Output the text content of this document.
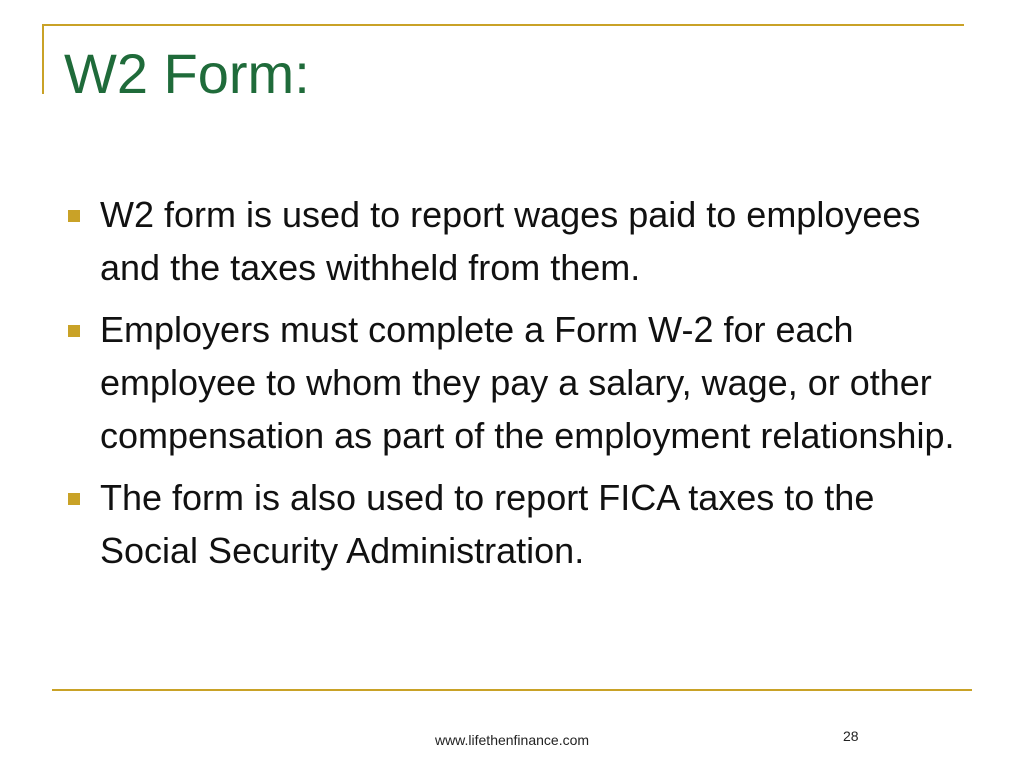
W2 Form:
W2 form is used to report wages paid to employees and the taxes withheld from them.
Employers must complete a Form W-2 for each employee to whom they pay a salary, wage, or other compensation as part of the employment relationship.
The form is also used to report FICA taxes to the Social Security Administration.
www.lifethenfinance.com	28
